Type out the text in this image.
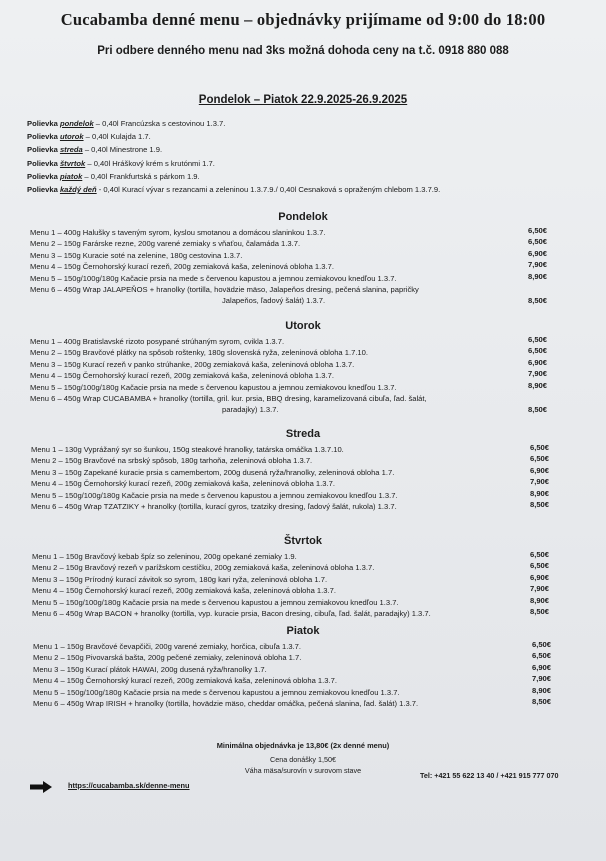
Cucabamba denné menu – objednávky prijímame od 9:00 do 18:00
Pri odbere denného menu nad 3ks možná dohoda ceny na t.č. 0918 880 088
Pondelok – Piatok 22.9.2025-26.9.2025
Polievka pondelok – 0,40l Francúzska s cestovinou 1.3.7.
Polievka utorok – 0,40l Kulajda 1.7.
Polievka streda – 0,40l Minestrone 1.9.
Polievka štvrtok – 0,40l Hráškový krém s krutónmi 1.7.
Polievka piatok – 0,40l Frankfurtská s párkom 1.9.
Polievka každý deň - 0,40l Kurací vývar s rezancami a zeleninou 1.3.7.9./ 0,40l Cesnaková s opraženým chlebom 1.3.7.9.
Pondelok
Menu 1 – 400g Halušky s taveným syrom, kyslou smotanou a domácou slaninkou 1.3.7.	6,50€
Menu 2 – 150g Farárske rezne, 200g varené zemiaky s vňaťou, čalamáda 1.3.7.	6,50€
Menu 3 – 150g Kuracie soté na zelenine, 180g cestovina 1.3.7.	6,90€
Menu 4 – 150g Černohorský kurací rezeň, 200g zemiaková kaša, zeleninová obloha 1.3.7.	7,90€
Menu 5 – 150g/100g/180g Kačacie prsia na mede s červenou kapustou a jemnou zemiakovou knedľou 1.3.7.	8,90€
Menu 6 – 450g Wrap JALAPEŇOS + hranolky (tortilla, hovädzie mäso, Jalapeňos dresing, pečená slanina, papričky
Jalapeňos, ľadový šalát) 1.3.7.	8,50€
Utorok
Menu 1 – 400g Bratislavské rizoto posypané strúhaným syrom, cvikla 1.3.7.	6,50€
Menu 2 – 150g Bravčové plátky na spôsob roštenky, 180g slovenská ryža, zeleninová obloha 1.7.10.	6,50€
Menu 3 – 150g Kurací rezeň v panko strúhanke, 200g zemiaková kaša, zeleninová obloha 1.3.7.	6,90€
Menu 4 – 150g Černohorský kurací rezeň, 200g zemiaková kaša, zeleninová obloha 1.3.7.	7,90€
Menu 5 – 150g/100g/180g Kačacie prsia na mede s červenou kapustou a jemnou zemiakovou knedľou 1.3.7.	8,90€
Menu 6 – 450g Wrap CUCABAMBA + hranolky (tortilla, gril. kur. prsia, BBQ dresing, karamelizovaná cibuľa, ľad. šalát,
paradajky) 1.3.7.	8,50€
Streda
Menu 1 – 130g Vyprážaný syr so šunkou, 150g steakové hranolky, tatárska omáčka 1.3.7.10.	6,50€
Menu 2 – 150g Bravčové na srbský spôsob, 180g tarhoňa, zeleninová obloha 1.3.7.	6,50€
Menu 3 – 150g Zapekané kuracie prsia s camembertom, 200g dusená ryža/hranolky, zeleninová obloha 1.7.	6,90€
Menu 4 – 150g Černohorský kurací rezeň, 200g zemiaková kaša, zeleninová obloha 1.3.7.	7,90€
Menu 5 – 150g/100g/180g Kačacie prsia na mede s červenou kapustou a jemnou zemiakovou knedľou 1.3.7.	8,90€
Menu 6 – 450g Wrap TZATZIKY + hranolky (tortilla, kurací gyros, tzatziky dresing, ľadový šalát, rukola) 1.3.7.	8,50€
Štvrtok
Menu 1 – 150g Bravčový kebab špíz so zeleninou, 200g opekané zemiaky 1.9.	6,50€
Menu 2 – 150g Bravčový rezeň v parížskom cestíčku, 200g zemiaková kaša, zeleninová obloha 1.3.7.	6,50€
Menu 3 – 150g Prírodný kurací závitok so syrom, 180g kari ryža, zeleninová obloha 1.7.	6,90€
Menu 4 – 150g Černohorský kurací rezeň, 200g zemiaková kaša, zeleninová obloha 1.3.7.	7,90€
Menu 5 – 150g/100g/180g Kačacie prsia na mede s červenou kapustou a jemnou zemiakovou knedľou 1.3.7.	8,90€
Menu 6 – 450g Wrap BACON + hranolky (tortilla, vyp. kuracie prsia, Bacon dresing, cibuľa, ľad. šalát, paradajky) 1.3.7.	8,50€
Piatok
Menu 1 – 150g Bravčové čevapčiči, 200g varené zemiaky, horčica, cibuľa 1.3.7.	6,50€
Menu 2 – 150g Pivovarská bašta, 200g pečené zemiaky, zeleninová obloha 1.7.	6,50€
Menu 3 – 150g Kurací plátok HAWAI, 200g dusená ryža/hranolky 1.7.	6,90€
Menu 4 – 150g Černohorský kurací rezeň, 200g zemiaková kaša, zeleninová obloha 1.3.7.	7,90€
Menu 5 – 150g/100g/180g Kačacie prsia na mede s červenou kapustou a jemnou zemiakovou knedľou 1.3.7.	8,90€
Menu 6 – 450g Wrap IRISH + hranolky (tortilla, hovädzie mäso, cheddar omáčka, pečená slanina, ľad. šalát) 1.3.7.	8,50€
Minimálna objednávka je 13,80€ (2x denné menu)
Cena donášky 1,50€
Váha mäsa/surovín v surovom stave
https://cucabamba.sk/denne-menu
Tel: +421 55 622 13 40 / +421 915 777 070
